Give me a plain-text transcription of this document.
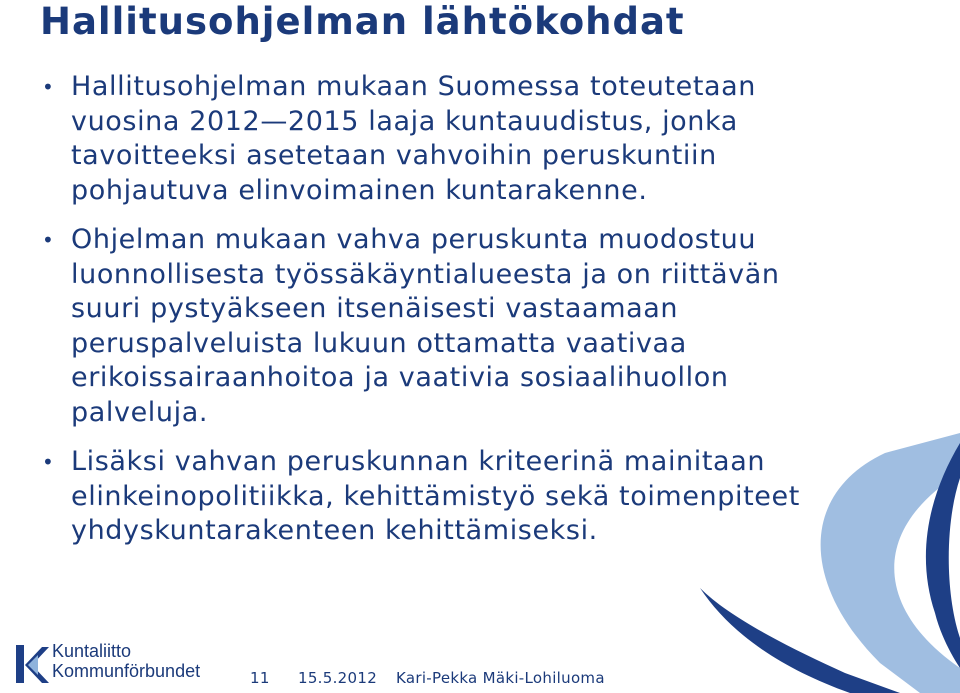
Hallitusohjelman lähtökohdat
• Hallitusohjelman mukaan Suomessa toteutetaan
vuosina 2012—2015 laaja kuntauudistus, jonka
tavoitteeksi asetetaan vahvoihin peruskuntiin
pohjautuva elinvoimainen kuntarakenne.
• Ohjelman mukaan vahva peruskunta muodostuu
luonnollisesta työssäkäyntialueesta ja on riittävän
suuri pystyäkseen itsenäisesti vastaamaan
peruspalveluista lukuun ottamatta vaativaa
erikoissairaanhoitoa ja vaativia sosiaalihuollon
palveluja.
• Lisäksi vahvan peruskunnan kriteerinä mainitaan
elinkeinopolitiikka, kehittämistyö sekä toimenpiteet
yhdyskuntarakenteen kehittämiseksi.
Kuntaliitto
Kommunförbundet	11 15.5.2012 Kari-Pekka Mäki-Lohiluoma
